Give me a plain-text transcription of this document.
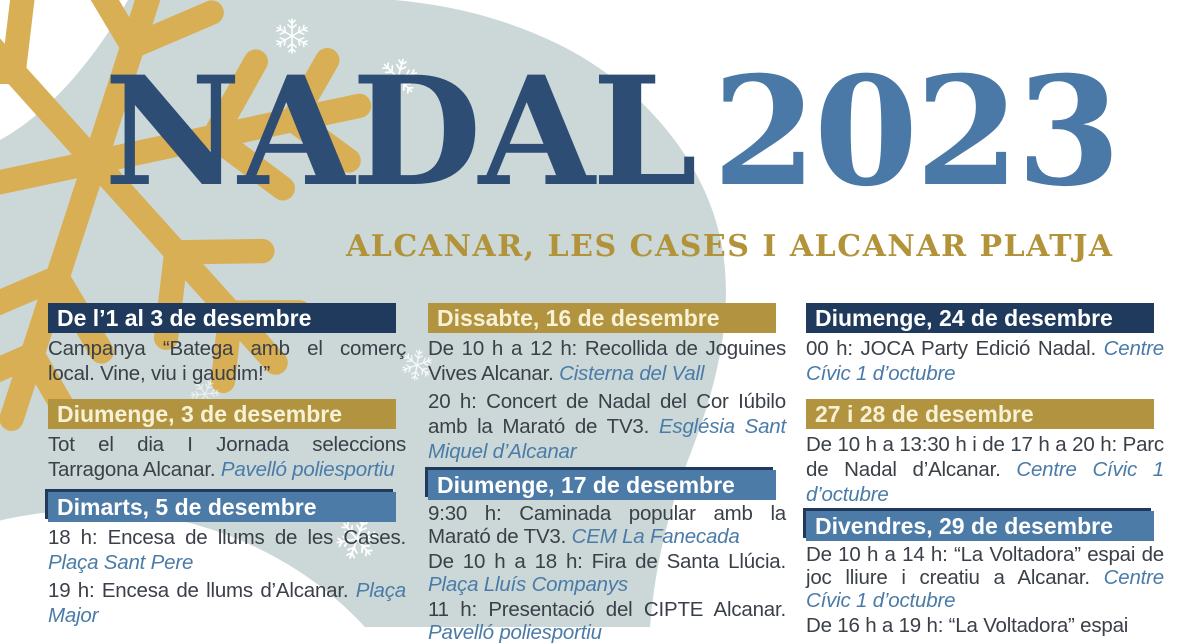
NADAL 2023
ALCANAR, LES CASES I ALCANAR PLATJA
De l’1 al 3 de desembre

Campanya “Batega amb el comerç local. Vine, viu i gaudim!”

Diumenge, 3 de desembre

Tot el dia I Jornada seleccions Tarragona Alcanar. Pavelló poliesportiu

Dimarts, 5 de desembre

18 h: Encesa de llums de les Cases. Plaça Sant Pere

19 h: Encesa de llums d’Alcanar. Plaça Major

Dissabte, 16 de desembre

De 10 h a 12 h: Recollida de Joguines Vives Alcanar. Cisterna del Vall

20 h: Concert de Nadal del Cor Iúbilo amb la Marató de TV3. Església Sant Miquel d’Alcanar

Diumenge, 17 de desembre

9:30 h: Caminada popular amb la Marató de TV3. CEM La Fanecada

De 10 h a 18 h: Fira de Santa Llúcia. Plaça Lluís Companys

11 h: Presentació del CIPTE Alcanar. Pavelló poliesportiu

Diumenge, 24 de desembre

00 h: JOCA Party Edició Nadal. Centre Cívic 1 d’octubre

27 i 28 de desembre

De 10 h a 13:30 h i de 17 h a 20 h: Parc de Nadal d’Alcanar. Centre Cívic 1 d’octubre

Divendres, 29 de desembre

De 10 h a 14 h: “La Voltadora” espai de joc lliure i creatiu a Alcanar. Centre Cívic 1 d’octubre

De 16 h a 19 h: “La Voltadora” espai
